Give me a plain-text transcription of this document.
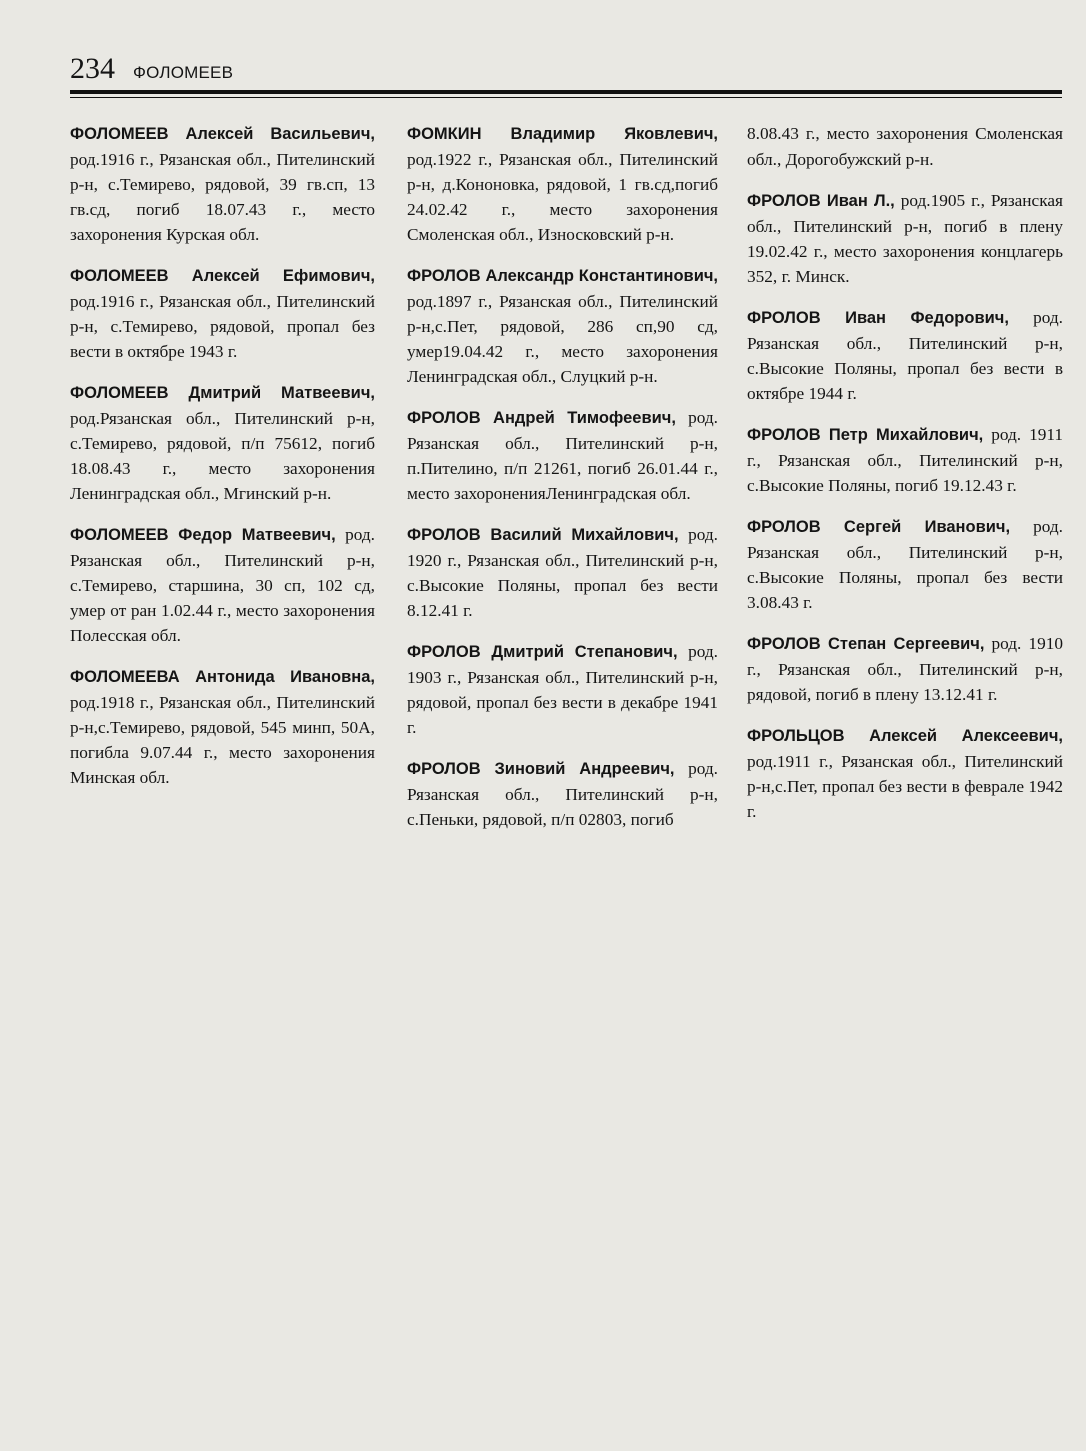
234 ФОЛОМЕЕВ

ФОЛОМЕЕВ Алексей Васильевич, род.1916 г., Рязанская обл., Пителинский р-н, с.Темирево, рядовой, 39 гв.сп, 13 гв.сд, погиб 18.07.43 г., место захоронения Курская обл.

ФОЛОМЕЕВ Алексей Ефимович, род.1916 г., Рязанская обл., Пителинский р-н, с.Темирево, рядовой, пропал без вести в октябре 1943 г.

ФОЛОМЕЕВ Дмитрий Матвеевич, род.Рязанская обл., Пителинский р-н, с.Темирево, рядовой, п/п 75612, погиб 18.08.43 г., место захоронения Ленинградская обл., Мгинский р-н.

ФОЛОМЕЕВ Федор Матвеевич, род. Рязанская обл., Пителинский р-н, с.Темирево, старшина, 30 сп, 102 сд, умер от ран 1.02.44 г., место захоронения Полесская обл.

ФОЛОМЕЕВА Антонида Ивановна, род.1918 г., Рязанская обл., Пителинский р-н,с.Темирево, рядовой, 545 минп, 50А, погибла 9.07.44 г., место захоронения Минская обл.

ФОМКИН Владимир Яковлевич, род.1922 г., Рязанская обл., Пителинский р-н, д.Кононовка, рядовой, 1 гв.сд,погиб 24.02.42 г., место захоронения Смоленская обл., Износковский р-н.

ФРОЛОВ Александр Константинович, род.1897 г., Рязанская обл., Пителинский р-н,с.Пет, рядовой, 286 сп,90 сд, умер19.04.42 г., место захоронения Ленинградская обл., Слуцкий р-н.

ФРОЛОВ Андрей Тимофеевич, род. Рязанская обл., Пителинский р-н, п.Пителино, п/п 21261, погиб 26.01.44 г., место захороненияЛенинградская обл.

ФРОЛОВ Василий Михайлович, род. 1920 г., Рязанская обл., Пителинский р-н, с.Высокие Поляны, пропал без вести 8.12.41 г.

ФРОЛОВ Дмитрий Степанович, род. 1903 г., Рязанская обл., Пителинский р-н, рядовой, пропал без вести в декабре 1941 г.

ФРОЛОВ Зиновий Андреевич, род. Рязанская обл., Пителинский р-н, с.Пеньки, рядовой, п/п 02803, погиб

8.08.43 г., место захоронения Смоленская обл., Дорогобужский р-н.

ФРОЛОВ Иван Л., род.1905 г., Рязанская обл., Пителинский р-н, погиб в плену 19.02.42 г., место захоронения концлагерь 352, г. Минск.

ФРОЛОВ Иван Федорович, род. Рязанская обл., Пителинский р-н, с.Высокие Поляны, пропал без вести в октябре 1944 г.

ФРОЛОВ Петр Михайлович, род. 1911 г., Рязанская обл., Пителинский р-н, с.Высокие Поляны, погиб 19.12.43 г.

ФРОЛОВ Сергей Иванович, род. Рязанская обл., Пителинский р-н, с.Высокие Поляны, пропал без вести 3.08.43 г.

ФРОЛОВ Степан Сергеевич, род. 1910 г., Рязанская обл., Пителинский р-н, рядовой, погиб в плену 13.12.41 г.

ФРОЛЬЦОВ Алексей Алексеевич, род.1911 г., Рязанская обл., Пителинский р-н,с.Пет, пропал без вести в феврале 1942 г.
